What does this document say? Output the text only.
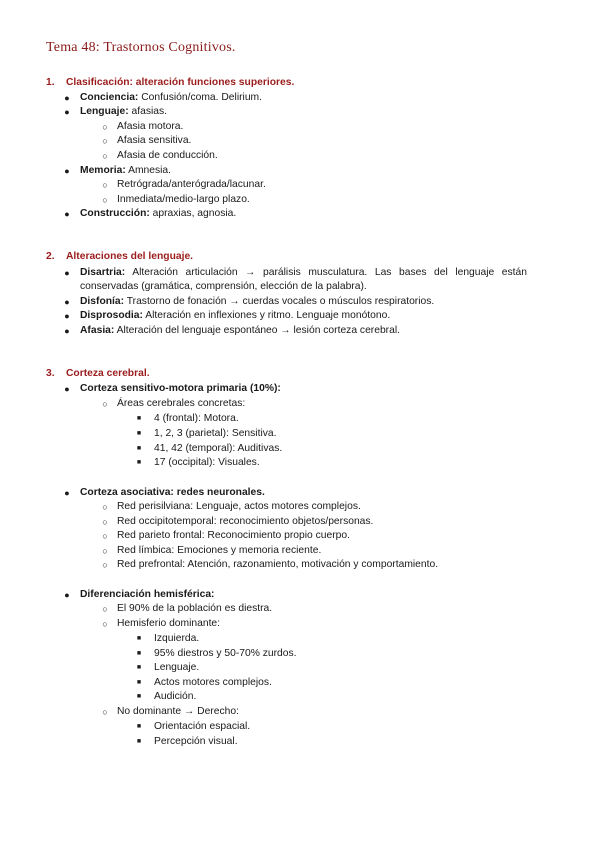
Tema 48: Trastornos Cognitivos.
1. Clasificación: alteración funciones superiores.
● Conciencia: Confusión/coma. Delirium.
● Lenguaje: afasias.
○ Afasia motora.
○ Afasia sensitiva.
○ Afasia de conducción.
● Memoria: Amnesia.
○ Retrógrada/anterógrada/lacunar.
○ Inmediata/medio-largo plazo.
● Construcción: apraxias, agnosia.
2. Alteraciones del lenguaje.
● Disartria: Alteración articulación → parálisis musculatura. Las bases del lenguaje están conservadas (gramática, comprensión, elección de la palabra).
● Disfonía: Trastorno de fonación → cuerdas vocales o músculos respiratorios.
● Disprosodia: Alteración en inflexiones y ritmo. Lenguaje monótono.
● Afasia: Alteración del lenguaje espontáneo → lesión corteza cerebral.
3. Corteza cerebral.
● Corteza sensitivo-motora primaria (10%):
○ Áreas cerebrales concretas:
■	4 (frontal): Motora.
■	1, 2, 3 (parietal): Sensitiva.
■	41, 42 (temporal): Auditivas.
■	17 (occipital): Visuales.
● Corteza asociativa: redes neuronales.
○ Red perisilviana: Lenguaje, actos motores complejos.
○ Red occipitotemporal: reconocimiento objetos/personas.
○ Red parieto frontal: Reconocimiento propio cuerpo.
○ Red límbica: Emociones y memoria reciente.
○ Red prefrontal: Atención, razonamiento, motivación y comportamiento.
● Diferenciación hemisférica:
○ El 90% de la población es diestra.
○ Hemisferio dominante:
■	Izquierda.
■	95% diestros y 50-70% zurdos.
■	Lenguaje.
■	Actos motores complejos.
■	Audición.
○ No dominante → Derecho:
■	Orientación espacial.
■	Percepción visual.
